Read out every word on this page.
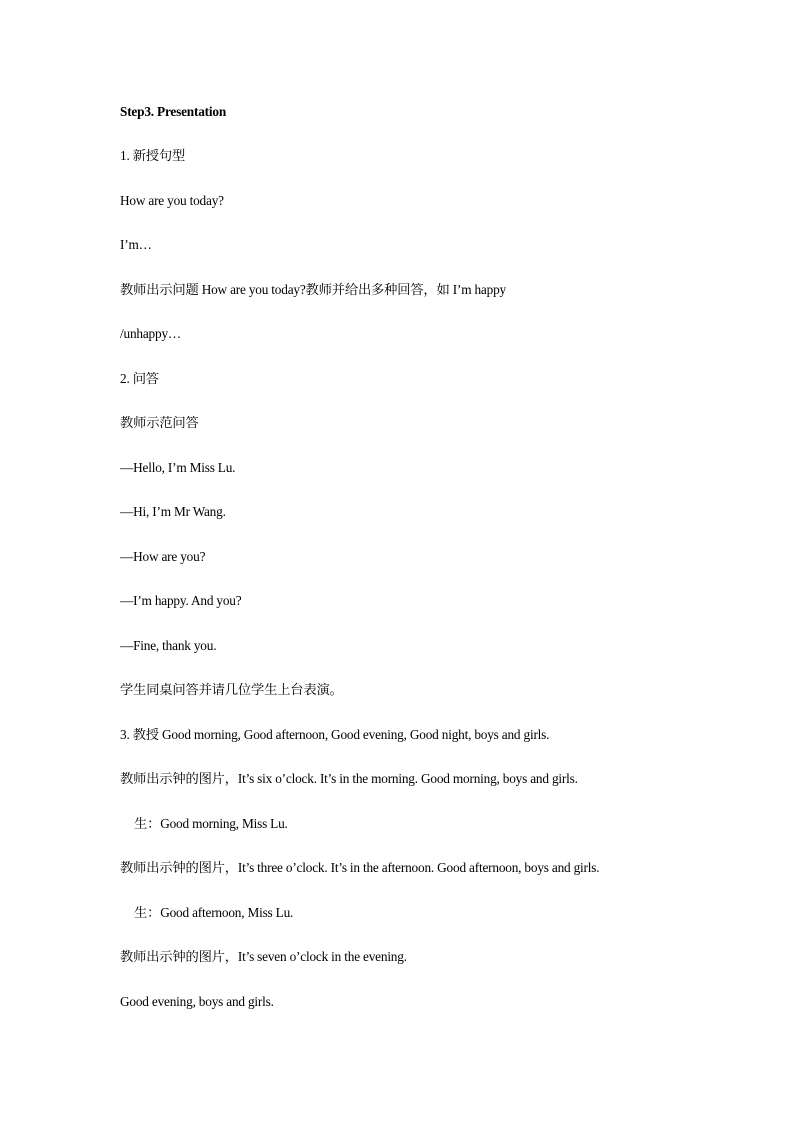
Step3. Presentation
1. 新授句型
How are you today?
I’m…
教师出示问题 How are you today?教师并给出多种回答，如 I’m happy
/unhappy…
2. 问答
教师示范问答
—Hello, I’m Miss Lu.
—Hi, I’m Mr Wang.
—How are you?
—I’m happy. And you?
—Fine, thank you.
学生同桌问答并请几位学生上台表演。
3. 教授 Good morning, Good afternoon, Good evening, Good night, boys and girls.
教师出示钟的图片，It’s six o’clock. It’s in the morning. Good morning, boys and girls.
生：Good morning, Miss Lu.
教师出示钟的图片，It’s three o’clock. It’s in the afternoon. Good afternoon, boys and girls.
生：Good afternoon, Miss Lu.
教师出示钟的图片，It’s seven o’clock in the evening.
Good evening, boys and girls.
